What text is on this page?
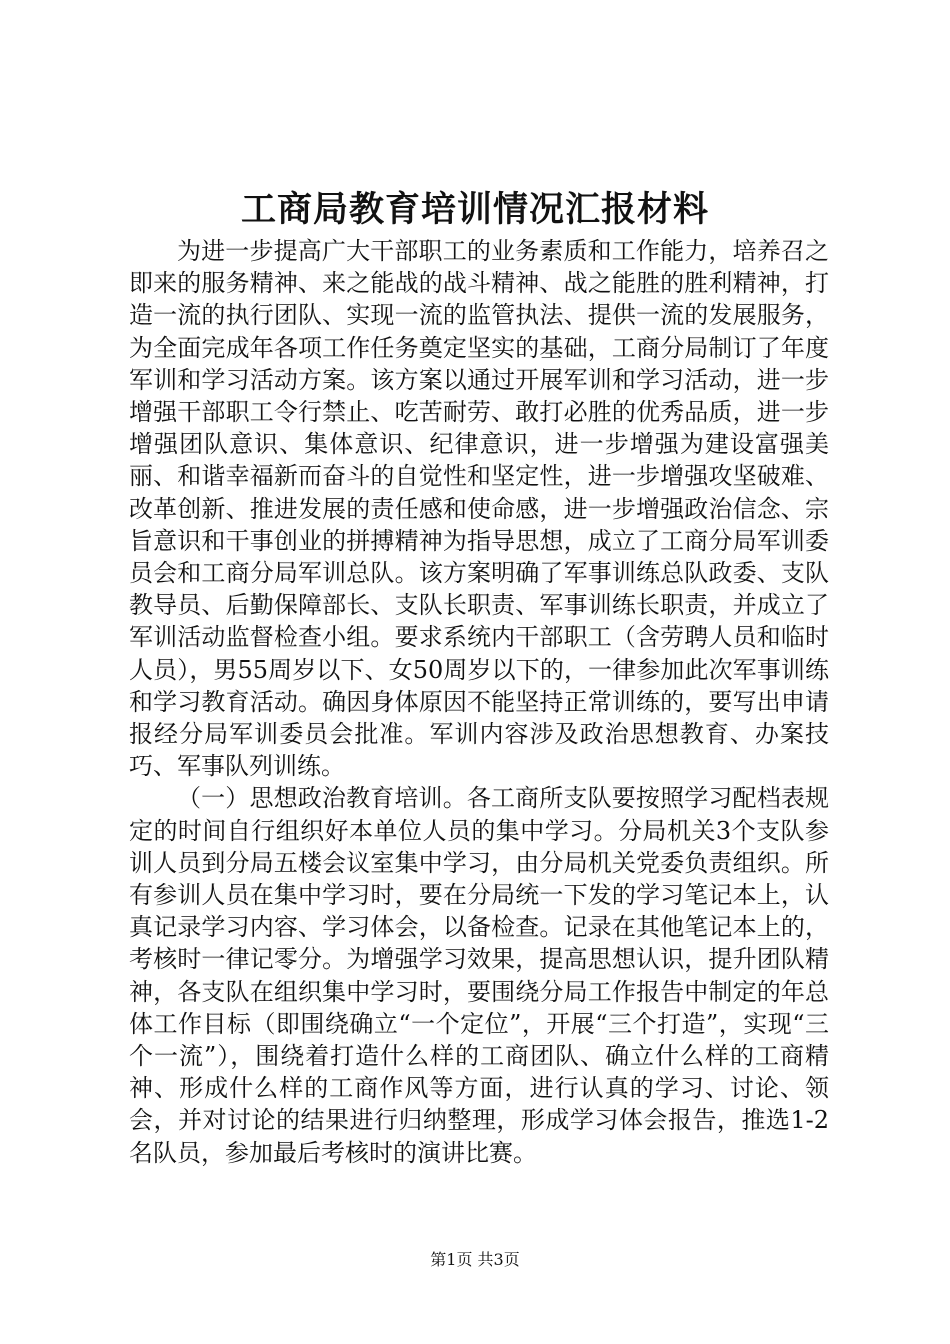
工商局教育培训情况汇报材料

为进一步提高广大干部职工的业务素质和工作能力，培养召之即来的服务精神、来之能战的战斗精神、战之能胜的胜利精神，打造一流的执行团队、实现一流的监管执法、提供一流的发展服务，为全面完成年各项工作任务奠定坚实的基础，工商分局制订了年度军训和学习活动方案。该方案以通过开展军训和学习活动，进一步增强干部职工令行禁止、吃苦耐劳、敢打必胜的优秀品质，进一步增强团队意识、集体意识、纪律意识，进一步增强为建设富强美丽、和谐幸福新而奋斗的自觉性和坚定性，进一步增强攻坚破难、改革创新、推进发展的责任感和使命感，进一步增强政治信念、宗旨意识和干事创业的拼搏精神为指导思想，成立了工商分局军训委员会和工商分局军训总队。该方案明确了军事训练总队政委、支队教导员、后勤保障部长、支队长职责、军事训练长职责，并成立了军训活动监督检查小组。要求系统内干部职工（含劳聘人员和临时人员），男55周岁以下、女50周岁以下的，一律参加此次军事训练和学习教育活动。确因身体原因不能坚持正常训练的，要写出申请报经分局军训委员会批准。军训内容涉及政治思想教育、办案技巧、军事队列训练。

（一）思想政治教育培训。各工商所支队要按照学习配档表规定的时间自行组织好本单位人员的集中学习。分局机关3个支队参训人员到分局五楼会议室集中学习，由分局机关党委负责组织。所有参训人员在集中学习时，要在分局统一下发的学习笔记本上，认真记录学习内容、学习体会，以备检查。记录在其他笔记本上的，考核时一律记零分。为增强学习效果，提高思想认识，提升团队精神，各支队在组织集中学习时，要围绕分局工作报告中制定的年总体工作目标（即围绕确立“一个定位”，开展“三个打造”，实现“三个一流”），围绕着打造什么样的工商团队、确立什么样的工商精神、形成什么样的工商作风等方面，进行认真的学习、讨论、领会，并对讨论的结果进行归纳整理，形成学习体会报告，推选1-2名队员，参加最后考核时的演讲比赛。

第1页 共3页
